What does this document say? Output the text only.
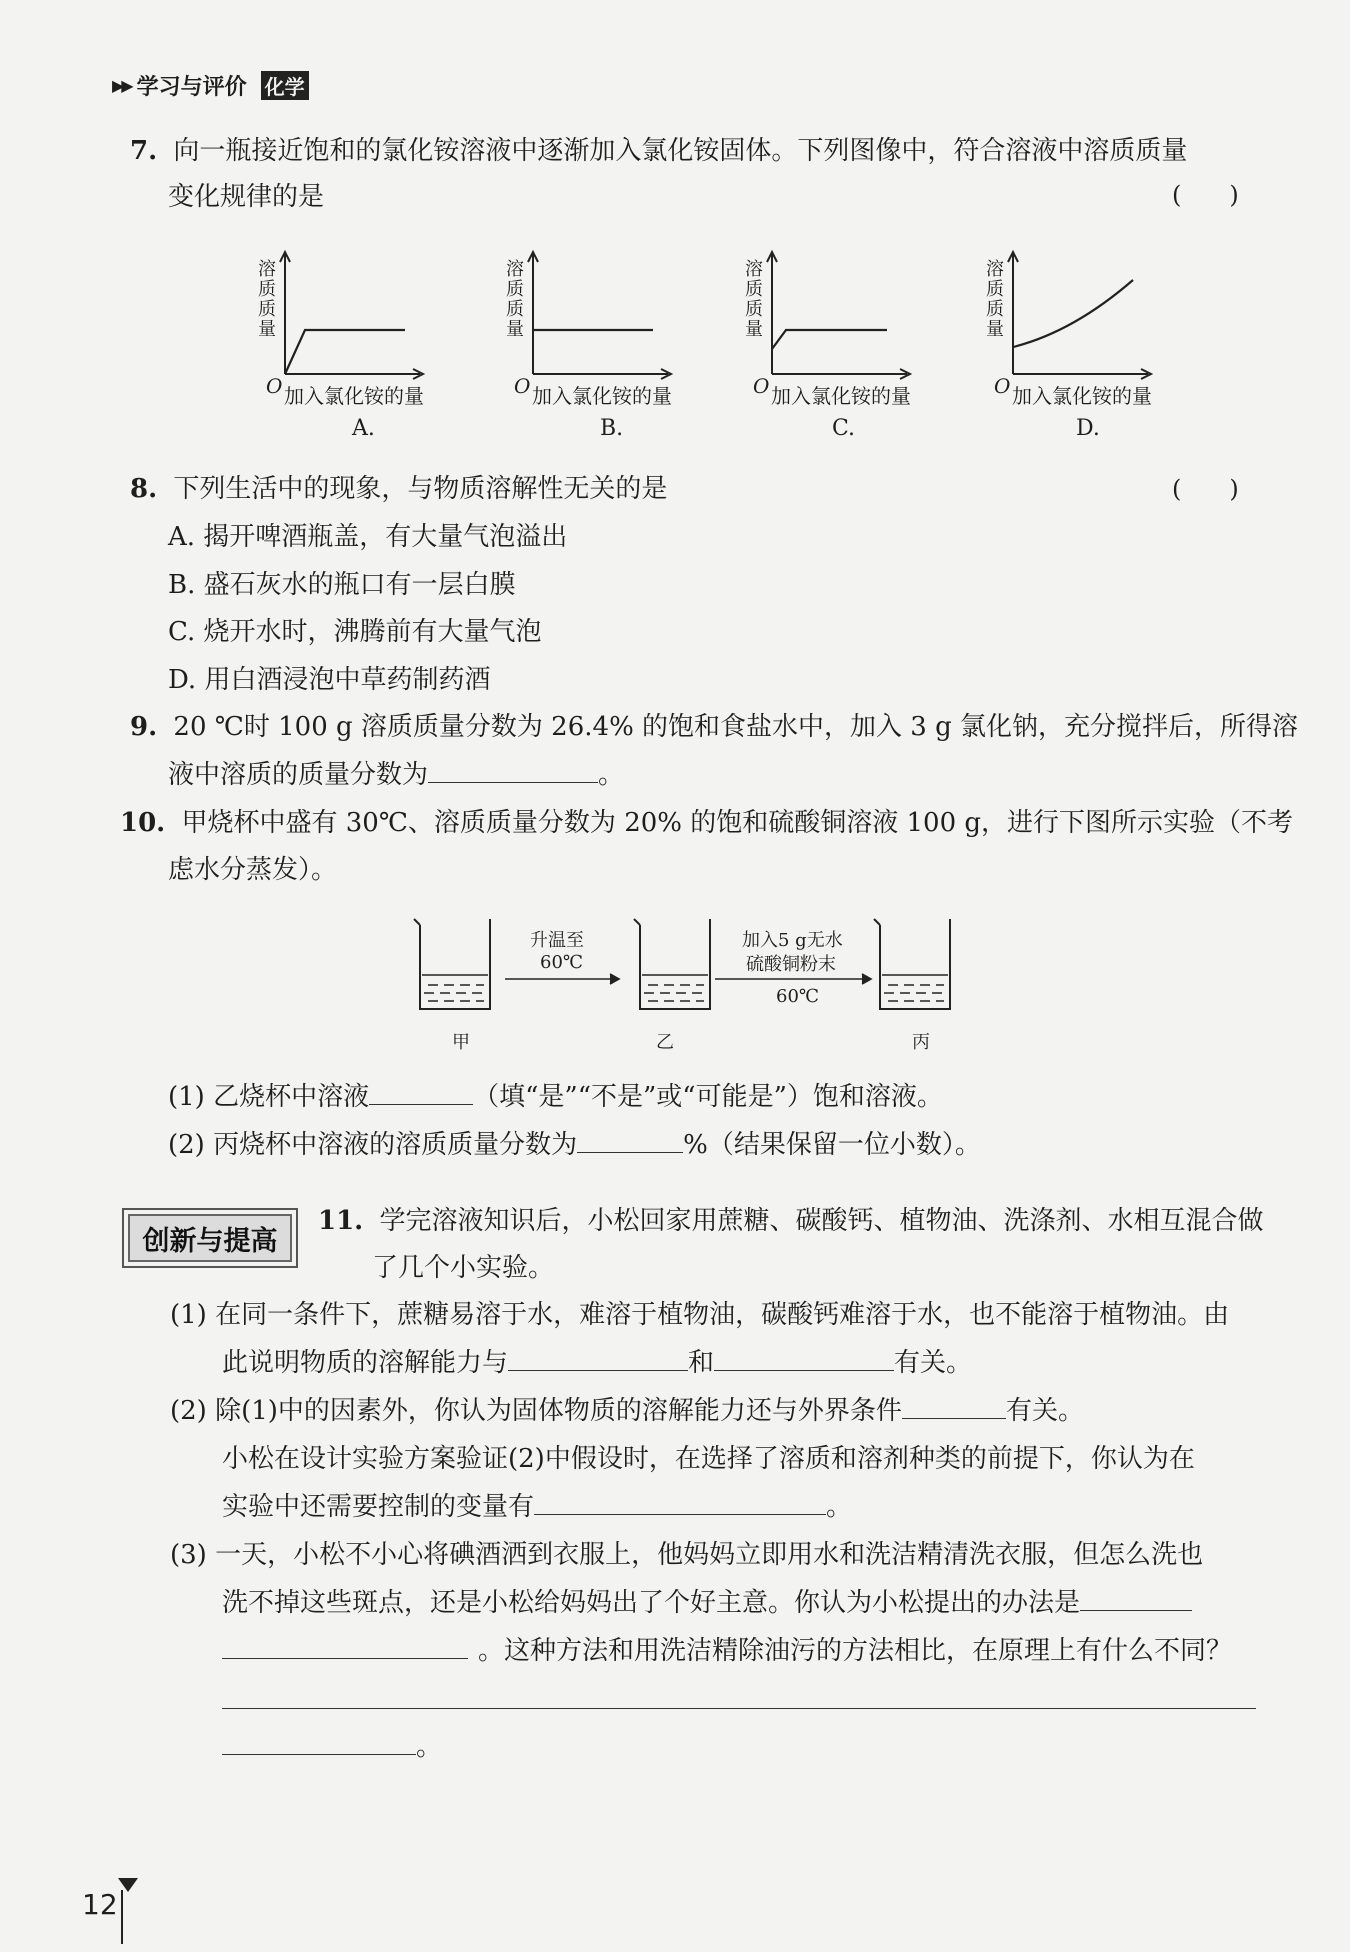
▶▶ 学习与评价 化学
7. 向一瓶接近饱和的氯化铵溶液中逐渐加入氯化铵固体。下列图像中，符合溶液中溶质质量
变化规律的是	(　　)
溶质质量
溶质质量
溶质质量
溶质质量
O	O	O	O
加入氯化铵的量	加入氯化铵的量	加入氯化铵的量	加入氯化铵的量
A.	B.	C.	D.
8. 下列生活中的现象，与物质溶解性无关的是	(　　)
A. 揭开啤酒瓶盖，有大量气泡溢出
B. 盛石灰水的瓶口有一层白膜
C. 烧开水时，沸腾前有大量气泡
D. 用白酒浸泡中草药制药酒
9. 20 ℃时 100 g 溶质质量分数为 26.4% 的饱和食盐水中，加入 3 g 氯化钠，充分搅拌后，所得溶
液中溶质的质量分数为	。
10. 甲烧杯中盛有 30℃、溶质质量分数为 20% 的饱和硫酸铜溶液 100 g，进行下图所示实验（不考
虑水分蒸发）。
升温至
60℃
加入5 g无水
硫酸铜粉末
60℃
甲	乙	丙
(1) 乙烧杯中溶液	（填“是”“不是”或“可能是”）饱和溶液。
(2) 丙烧杯中溶液的溶质质量分数为	%（结果保留一位小数）。
创新与提高
11. 学完溶液知识后，小松回家用蔗糖、碳酸钙、植物油、洗涤剂、水相互混合做
了几个小实验。
(1) 在同一条件下，蔗糖易溶于水，难溶于植物油，碳酸钙难溶于水，也不能溶于植物油。由
此说明物质的溶解能力与	和	有关。
(2) 除(1)中的因素外，你认为固体物质的溶解能力还与外界条件	有关。
小松在设计实验方案验证(2)中假设时，在选择了溶质和溶剂种类的前提下，你认为在
实验中还需要控制的变量有	。
(3) 一天，小松不小心将碘酒洒到衣服上，他妈妈立即用水和洗洁精清洗衣服，但怎么洗也
洗不掉这些斑点，还是小松给妈妈出了个好主意。你认为小松提出的办法是
。这种方法和用洗洁精除油污的方法相比，在原理上有什么不同？
。
12
